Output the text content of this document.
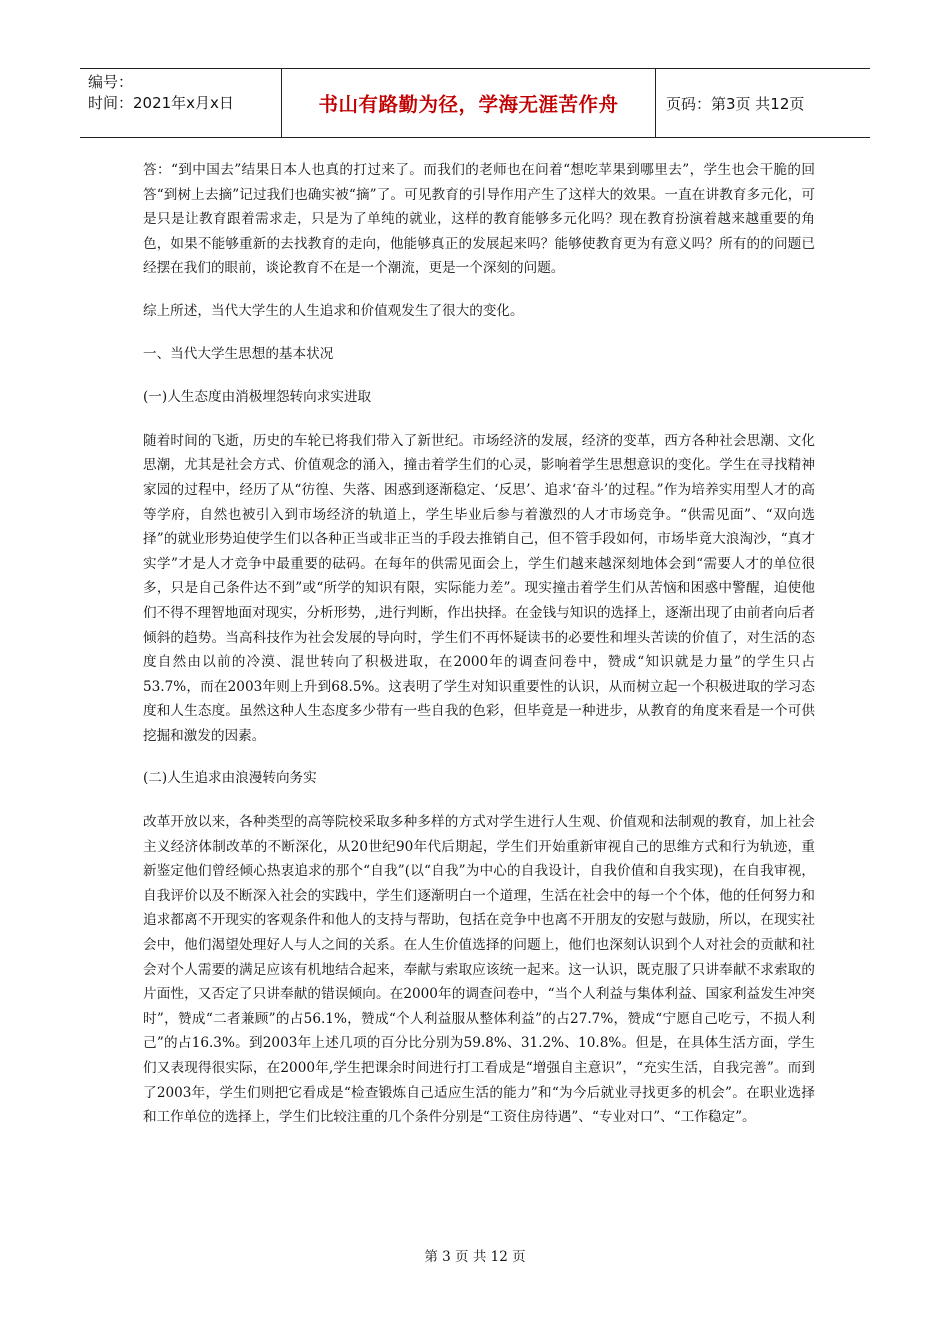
编号：
时间：2021年x月x日	书山有路勤为径，学海无涯苦作舟	页码：第3页 共12页

答：“到中国去”结果日本人也真的打过来了。而我们的老师也在问着“想吃苹果到哪里去”，学生也会干脆的回答“到树上去摘”记过我们也确实被“摘”了。可见教育的引导作用产生了这样大的效果。一直在讲教育多元化，可是只是让教育跟着需求走，只是为了单纯的就业，这样的教育能够多元化吗？现在教育扮演着越来越重要的角色，如果不能够重新的去找教育的走向，他能够真正的发展起来吗？能够使教育更为有意义吗？所有的的问题已经摆在我们的眼前，谈论教育不在是一个潮流，更是一个深刻的问题。

综上所述，当代大学生的人生追求和价值观发生了很大的变化。

一、当代大学生思想的基本状况

(一)人生态度由消极埋怨转向求实进取

随着时间的飞逝，历史的车轮已将我们带入了新世纪。市场经济的发展，经济的变革，西方各种社会思潮、文化思潮，尤其是社会方式、价值观念的涌入，撞击着学生们的心灵，影响着学生思想意识的变化。学生在寻找精神家园的过程中，经历了从“彷徨、失落、困惑到逐渐稳定、‘反思’、追求‘奋斗’的过程。”作为培养实用型人才的高等学府，自然也被引入到市场经济的轨道上，学生毕业后参与着激烈的人才市场竞争。“供需见面”、“双向选择”的就业形势迫使学生们以各种正当或非正当的手段去推销自己，但不管手段如何，市场毕竟大浪淘沙，“真才实学”才是人才竞争中最重要的砝码。在每年的供需见面会上，学生们越来越深刻地体会到“需要人才的单位很多，只是自己条件达不到”或“所学的知识有限，实际能力差”。现实撞击着学生们从苦恼和困惑中警醒，迫使他们不得不理智地面对现实，分析形势，,进行判断，作出抉择。在金钱与知识的选择上，逐渐出现了由前者向后者倾斜的趋势。当高科技作为社会发展的导向时，学生们不再怀疑读书的必要性和埋头苦读的价值了，对生活的态度自然由以前的冷漠、混世转向了积极进取，在2000年的调查问卷中，赞成“知识就是力量”的学生只占53.7%，而在2003年则上升到68.5%。这表明了学生对知识重要性的认识，从而树立起一个积极进取的学习态度和人生态度。虽然这种人生态度多少带有一些自我的色彩，但毕竟是一种进步，从教育的角度来看是一个可供挖掘和激发的因素。

(二)人生追求由浪漫转向务实

改革开放以来，各种类型的高等院校采取多种多样的方式对学生进行人生观、价值观和法制观的教育，加上社会主义经济体制改革的不断深化，从20世纪90年代后期起，学生们开始重新审视自己的思维方式和行为轨迹，重新鉴定他们曾经倾心热衷追求的那个“自我”(以“自我”为中心的自我设计，自我价值和自我实现)，在自我审视，自我评价以及不断深入社会的实践中，学生们逐渐明白一个道理，生活在社会中的每一个个体，他的任何努力和追求都离不开现实的客观条件和他人的支持与帮助，包括在竞争中也离不开朋友的安慰与鼓励，所以，在现实社会中，他们渴望处理好人与人之间的关系。在人生价值选择的问题上，他们也深刻认识到个人对社会的贡献和社会对个人需要的满足应该有机地结合起来，奉献与索取应该统一起来。这一认识，既克服了只讲奉献不求索取的片面性，又否定了只讲奉献的错误倾向。在2000年的调查问卷中，“当个人利益与集体利益、国家利益发生冲突时”，赞成“二者兼顾”的占56.1%，赞成“个人利益服从整体利益”的占27.7%，赞成“宁愿自己吃亏，不损人利己”的占16.3%。到2003年上述几项的百分比分别为59.8%、31.2%、10.8%。但是，在具体生活方面，学生们又表现得很实际，在2000年,学生把课余时间进行打工看成是“增强自主意识”，“充实生活，自我完善”。而到了2003年，学生们则把它看成是“检查锻炼自己适应生活的能力”和“为今后就业寻找更多的机会”。在职业选择和工作单位的选择上，学生们比较注重的几个条件分别是“工资住房待遇”、“专业对口”、“工作稳定”。

第 3 页 共 12 页
